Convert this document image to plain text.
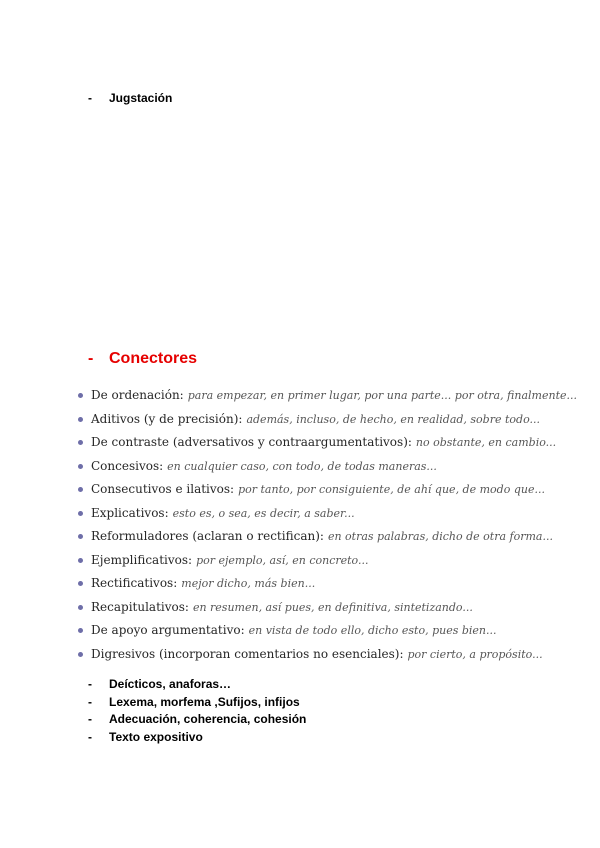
- Jugstación
- Conectores
De ordenación: para empezar, en primer lugar, por una parte... por otra, finalmente...
Aditivos (y de precisión): además, incluso, de hecho, en realidad, sobre todo...
De contraste (adversativos y contraargumentativos): no obstante, en cambio...
Concesivos: en cualquier caso, con todo, de todas maneras...
Consecutivos e ilativos: por tanto, por consiguiente, de ahí que, de modo que...
Explicativos: esto es, o sea, es decir, a saber...
Reformuladores (aclaran o rectifican): en otras palabras, dicho de otra forma...
Ejemplificativos: por ejemplo, así, en concreto...
Rectificativos: mejor dicho, más bien...
Recapitulativos: en resumen, así pues, en definitiva, sintetizando...
De apoyo argumentativo: en vista de todo ello, dicho esto, pues bien...
Digresivos (incorporan comentarios no esenciales): por cierto, a propósito...
- Deícticos, anaforas…
- Lexema, morfema ,Sufijos, infijos
- Adecuación, coherencia, cohesión
- Texto expositivo
